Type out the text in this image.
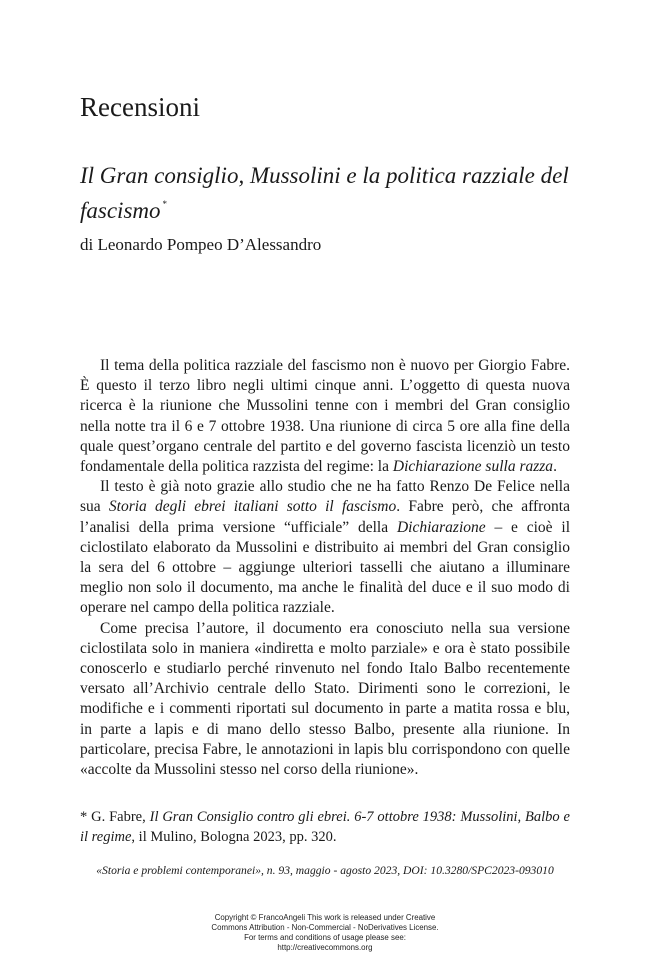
Recensioni
Il Gran consiglio, Mussolini e la politica razziale del fascismo *

di Leonardo Pompeo D’Alessandro

Il tema della politica razziale del fascismo non è nuovo per Giorgio Fabre. È questo il terzo libro negli ultimi cinque anni. L’oggetto di questa nuova ricerca è la riunione che Mussolini tenne con i membri del Gran consiglio nella notte tra il 6 e 7 ottobre 1938. Una riunione di circa 5 ore alla fine della quale quest’organo centrale del partito e del governo fascista licenziò un testo fondamentale della politica razzista del regime: la Dichiarazione sulla razza.

Il testo è già noto grazie allo studio che ne ha fatto Renzo De Felice nella sua Storia degli ebrei italiani sotto il fascismo. Fabre però, che affronta l’analisi della prima versione “ufficiale” della Dichiarazione – e cioè il ciclostilato elaborato da Mussolini e distribuito ai membri del Gran consiglio la sera del 6 ottobre – aggiunge ulteriori tasselli che aiutano a illuminare meglio non solo il documento, ma anche le finalità del duce e il suo modo di operare nel campo della politica razziale.

Come precisa l’autore, il documento era conosciuto nella sua versione ciclostilata solo in maniera «indiretta e molto parziale» e ora è stato possibile conoscerlo e studiarlo perché rinvenuto nel fondo Italo Balbo recentemente versato all’Archivio centrale dello Stato. Dirimenti sono le correzioni, le modifiche e i commenti riportati sul documento in parte a matita rossa e blu, in parte a lapis e di mano dello stesso Balbo, presente alla riunione. In particolare, precisa Fabre, le annotazioni in lapis blu corrispondono con quelle «accolte da Mussolini stesso nel corso della riunione».

* G. Fabre, Il Gran Consiglio contro gli ebrei. 6-7 ottobre 1938: Mussolini, Balbo e il regime, il Mulino, Bologna 2023, pp. 320.

«Storia e problemi contemporanei», n. 93, maggio - agosto 2023, DOI: 10.3280/SPC2023-093010

Copyright © FrancoAngeli This work is released under Creative
Commons Attribution - Non-Commercial - NoDerivatives License.
For terms and conditions of usage please see:
http://creativecommons.org
